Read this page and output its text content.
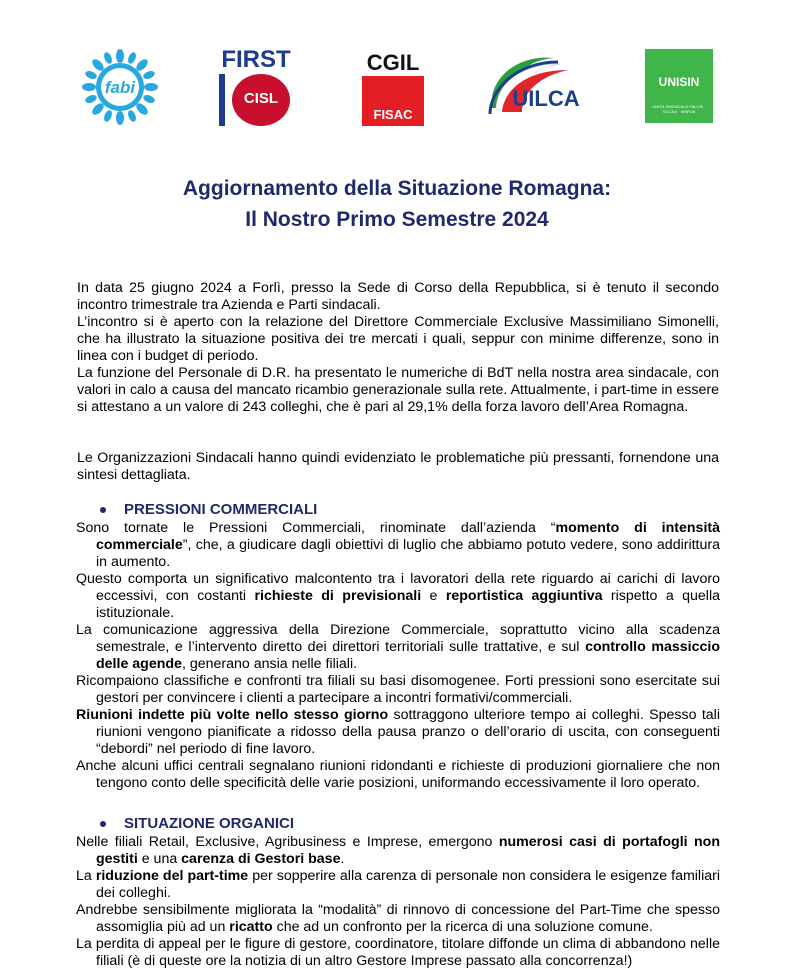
fabi
FIRST
CISL
CGIL
FISAC
UILCA
UNISIN
UNITÀ SINDACALE FALCRI · SILCEA · SINFUB
Aggiornamento della Situazione Romagna:
Il Nostro Primo Semestre 2024

In data 25 giugno 2024 a Forlì, presso la Sede di Corso della Repubblica, si è tenuto il secondo incontro trimestrale tra Azienda e Parti sindacali.

L’incontro si è aperto con la relazione del Direttore Commerciale Exclusive Massimiliano Simonelli, che ha illustrato la situazione positiva dei tre mercati i quali, seppur con minime differenze, sono in linea con i budget di periodo.

La funzione del Personale di D.R. ha presentato le numeriche di BdT nella nostra area sindacale, con valori in calo a causa del mancato ricambio generazionale sulla rete. Attualmente, i part-time in essere si attestano a un valore di 243 colleghi, che è pari al 29,1% della forza lavoro dell’Area Romagna.

Le Organizzazioni Sindacali hanno quindi evidenziato le problematiche più pressanti, fornendone una sintesi dettagliata.

PRESSIONI COMMERCIALI

Sono tornate le Pressioni Commerciali, rinominate dall’azienda “momento di intensità commerciale”, che, a giudicare dagli obiettivi di luglio che abbiamo potuto vedere, sono addirittura in aumento.

Questo comporta un significativo malcontento tra i lavoratori della rete riguardo ai carichi di lavoro eccessivi, con costanti richieste di previsionali e reportistica aggiuntiva rispetto a quella istituzionale.

La comunicazione aggressiva della Direzione Commerciale, soprattutto vicino alla scadenza semestrale, e l’intervento diretto dei direttori territoriali sulle trattative, e sul controllo massiccio delle agende, generano ansia nelle filiali.

Ricompaiono classifiche e confronti tra filiali su basi disomogenee. Forti pressioni sono esercitate sui gestori per convincere i clienti a partecipare a incontri formativi/commerciali.

Riunioni indette più volte nello stesso giorno sottraggono ulteriore tempo ai colleghi. Spesso tali riunioni vengono pianificate a ridosso della pausa pranzo o dell’orario di uscita, con conseguenti “debordi” nel periodo di fine lavoro.

Anche alcuni uffici centrali segnalano riunioni ridondanti e richieste di produzioni giornaliere che non tengono conto delle specificità delle varie posizioni, uniformando eccessivamente il loro operato.

SITUAZIONE ORGANICI

Nelle filiali Retail, Exclusive, Agribusiness e Imprese, emergono numerosi casi di portafogli non gestiti e una carenza di Gestori base.

La riduzione del part-time per sopperire alla carenza di personale non considera le esigenze familiari dei colleghi.

Andrebbe sensibilmente migliorata la “modalità” di rinnovo di concessione del Part-Time che spesso assomiglia più ad un ricatto che ad un confronto per la ricerca di una soluzione comune.

La perdita di appeal per le figure di gestore, coordinatore, titolare diffonde un clima di abbandono nelle filiali (è di queste ore la notizia di un altro Gestore Imprese passato alla concorrenza!)
